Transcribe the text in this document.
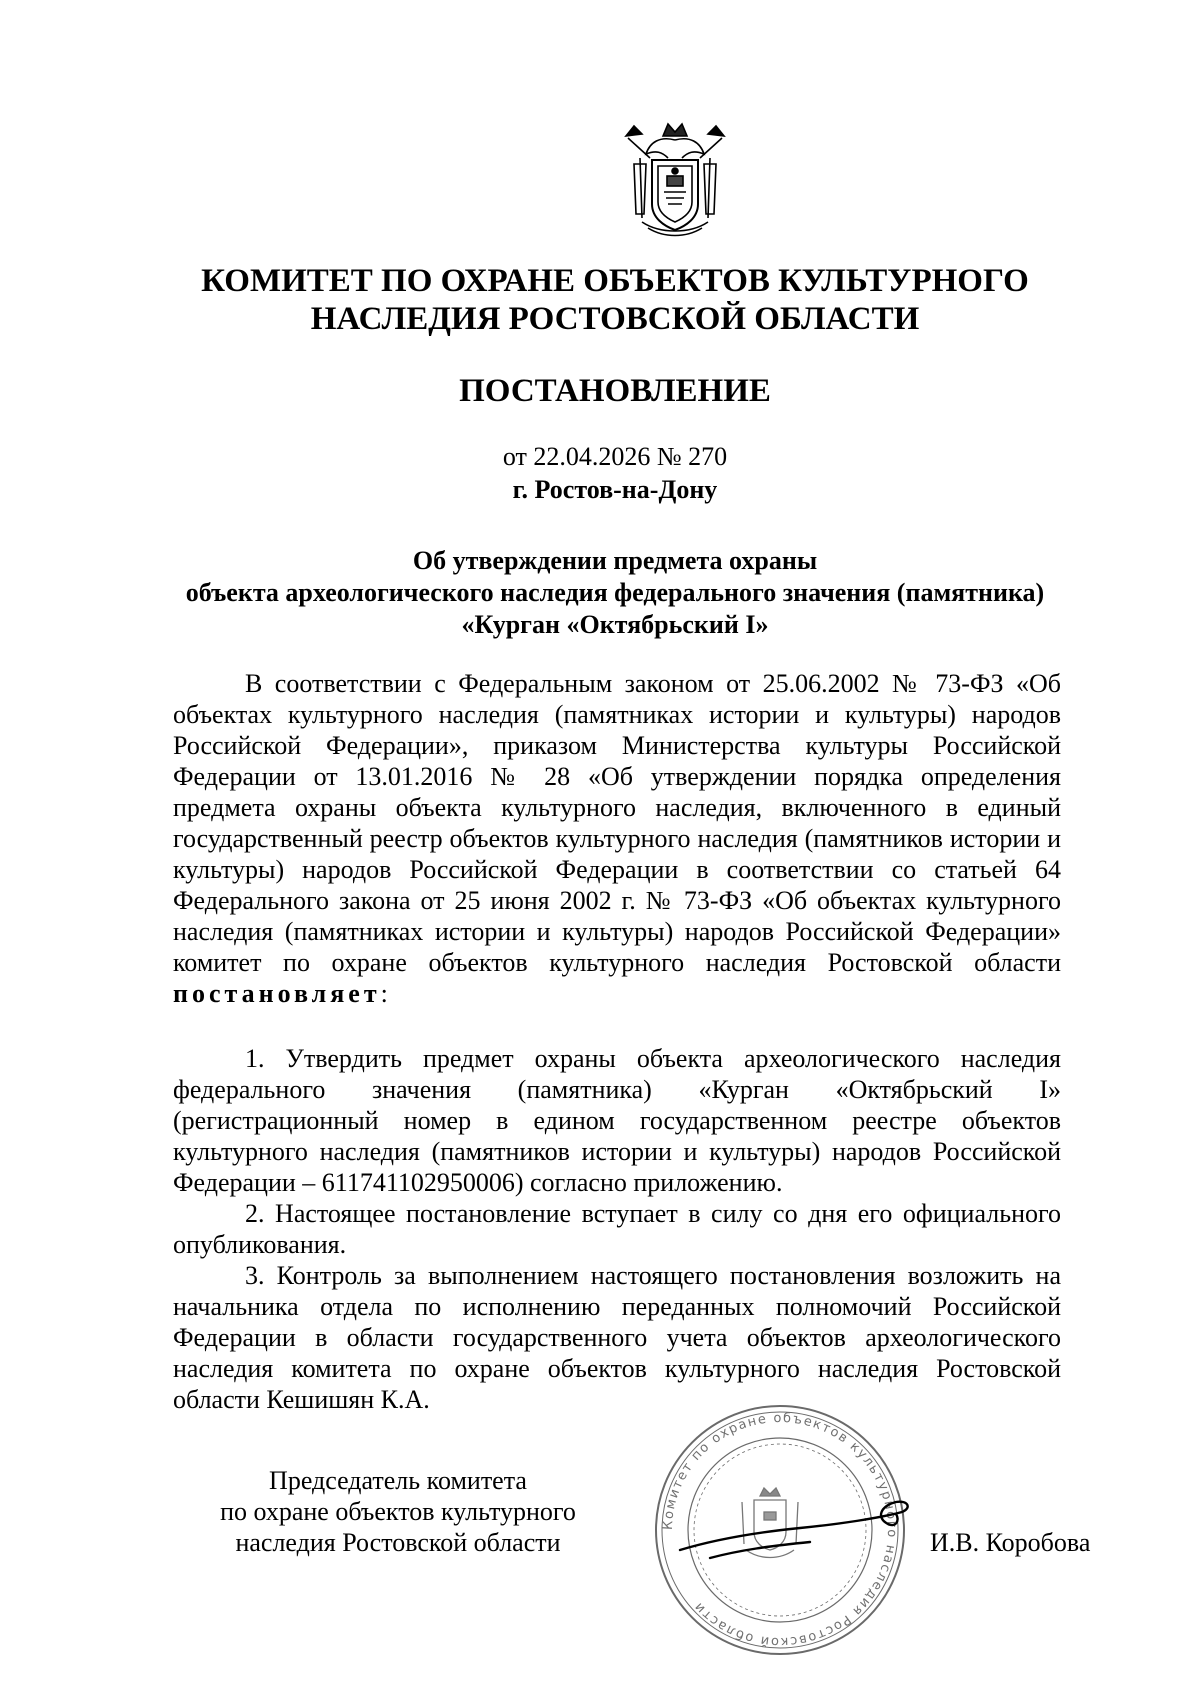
КОМИТЕТ ПО ОХРАНЕ ОБЪЕКТОВ КУЛЬТУРНОГО
НАСЛЕДИЯ РОСТОВСКОЙ ОБЛАСТИ
ПОСТАНОВЛЕНИЕ
от 22.04.2026 № 270
г. Ростов-на-Дону
Об утверждении предмета охраны
объекта археологического наследия федерального значения (памятника)
«Курган «Октябрьский I»

В соответствии с Федеральным законом от 25.06.2002 № 73-ФЗ «Об объектах культурного наследия (памятниках истории и культуры) народов Российской Федерации», приказом Министерства культуры Российской Федерации от 13.01.2016 № 28 «Об утверждении порядка определения предмета охраны объекта культурного наследия, включенного в единый государственный реестр объектов культурного наследия (памятников истории и культуры) народов Российской Федерации в соответствии со статьей 64 Федерального закона от 25 июня 2002 г. № 73-ФЗ «Об объектах культурного наследия (памятниках истории и культуры) народов Российской Федерации» комитет по охране объектов культурного наследия Ростовской области постановляет:

1. Утвердить предмет охраны объекта археологического наследия федерального значения (памятника) «Курган «Октябрьский I» (регистрационный номер в едином государственном реестре объектов культурного наследия (памятников истории и культуры) народов Российской Федерации – 611741102950006) согласно приложению.

2. Настоящее постановление вступает в силу со дня его официального опубликования.

3. Контроль за выполнением настоящего постановления возложить на начальника отдела по исполнению переданных полномочий Российской Федерации в области государственного учета объектов археологического наследия комитета по охране объектов культурного наследия Ростовской области Кешишян К.А.

Председатель комитета
по охране объектов культурного
наследия Ростовской области
Комитет по охране объектов культурного наследия Ростовской области
И.В. Коробова
